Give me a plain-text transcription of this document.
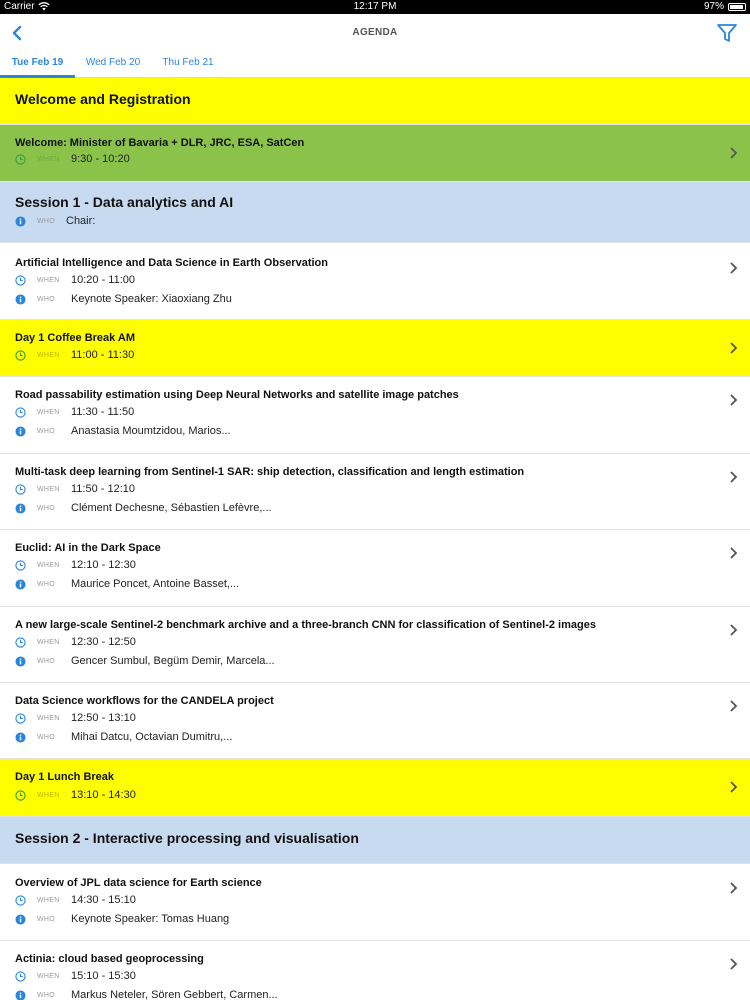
Carrier	12:17 PM	97%
AGENDA
Tue Feb 19	Wed Feb 20	Thu Feb 21
Welcome and Registration
Welcome: Minister of Bavaria + DLR, JRC, ESA, SatCen
WHEN 9:30 - 10:20
Session 1 - Data analytics and AI
WHO Chair:
Artificial Intelligence and Data Science in Earth Observation
WHEN 10:20 - 11:00
WHO Keynote Speaker: Xiaoxiang Zhu
Day 1 Coffee Break AM
WHEN 11:00 - 11:30
Road passability estimation using Deep Neural Networks and satellite image patches
WHEN 11:30 - 11:50
WHO Anastasia Moumtzidou, Marios...
Multi-task deep learning from Sentinel-1 SAR: ship detection, classification and length estimation
WHEN 11:50 - 12:10
WHO Clément Dechesne, Sébastien Lefèvre,...
Euclid: AI in the Dark Space
WHEN 12:10 - 12:30
WHO Maurice Poncet, Antoine Basset,...
A new large-scale Sentinel-2 benchmark archive and a three-branch CNN for classification of Sentinel-2 images
WHEN 12:30 - 12:50
WHO Gencer Sumbul, Begüm Demir, Marcela...
Data Science workflows for the CANDELA project
WHEN 12:50 - 13:10
WHO Mihai Datcu, Octavian Dumitru,...
Day 1 Lunch Break
WHEN 13:10 - 14:30
Session 2 - Interactive processing and visualisation
Overview of JPL data science for Earth science
WHEN 14:30 - 15:10
WHO Keynote Speaker: Tomas Huang
Actinia: cloud based geoprocessing
WHEN 15:10 - 15:30
WHO Markus Neteler, Sören Gebbert, Carmen...
